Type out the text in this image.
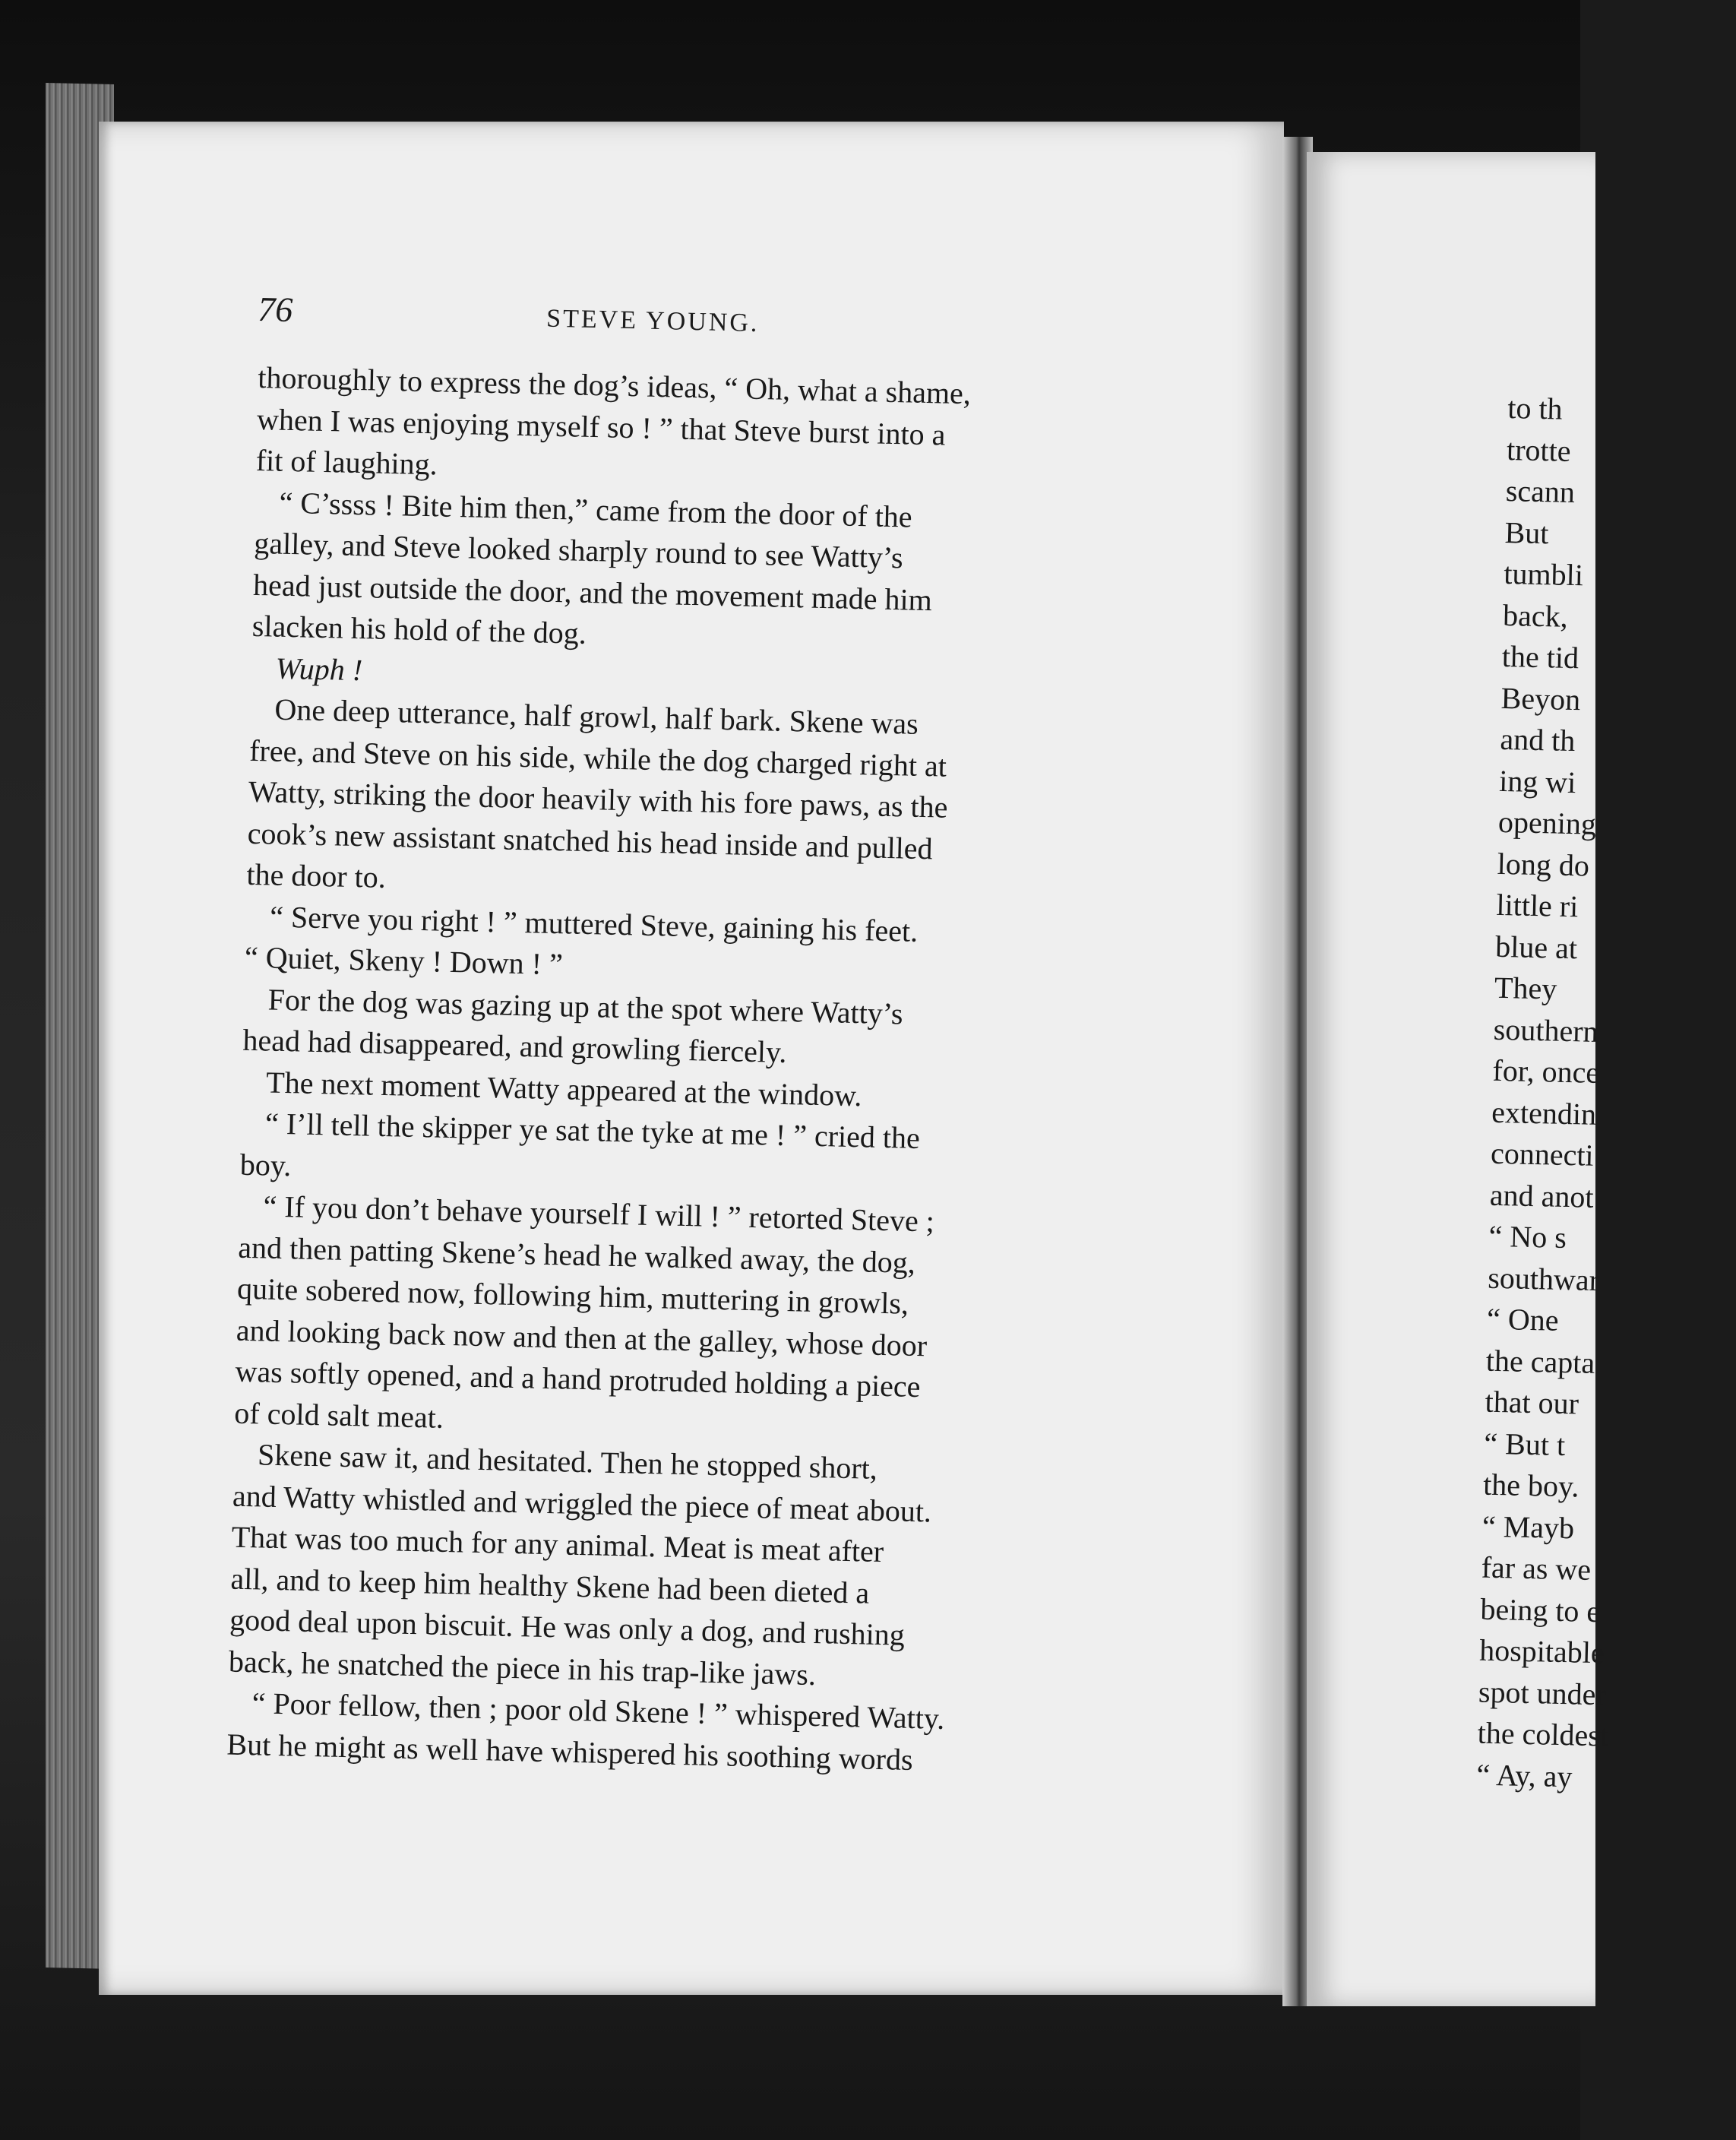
76	STEVE YOUNG.
thoroughly to express the dog’s ideas, “ Oh, what a shame,
when I was enjoying myself so ! ” that Steve burst into a
fit of laughing.
“ C’ssss ! Bite him then,” came from the door of the
galley, and Steve looked sharply round to see Watty’s
head just outside the door, and the movement made him
slacken his hold of the dog.
Wuph !
One deep utterance, half growl, half bark. Skene was
free, and Steve on his side, while the dog charged right at
Watty, striking the door heavily with his fore paws, as the
cook’s new assistant snatched his head inside and pulled
the door to.
“ Serve you right ! ” muttered Steve, gaining his feet.
“ Quiet, Skeny ! Down ! ”
For the dog was gazing up at the spot where Watty’s
head had disappeared, and growling fiercely.
The next moment Watty appeared at the window.
“ I’ll tell the skipper ye sat the tyke at me ! ” cried the
boy.
“ If you don’t behave yourself I will ! ” retorted Steve ;
and then patting Skene’s head he walked away, the dog,
quite sobered now, following him, muttering in growls,
and looking back now and then at the galley, whose door
was softly opened, and a hand protruded holding a piece
of cold salt meat.
Skene saw it, and hesitated. Then he stopped short,
and Watty whistled and wriggled the piece of meat about.
That was too much for any animal. Meat is meat after
all, and to keep him healthy Skene had been dieted a
good deal upon biscuit. He was only a dog, and rushing
back, he snatched the piece in his trap-like jaws.
“ Poor fellow, then ; poor old Skene ! ” whispered Watty.
But he might as well have whispered his soothing words
to th
trotte
scann
But
tumbli
back,
the tid
Beyon
and th
ing wi
opening
long do
little ri
blue at
They
southern
for, once
extendin
connecti
and anot
“ No s
southwar
“ One
the capta
that our
“ But t
the boy.
“ Mayb
far as we
being to e
hospitable
spot under
the coldest
“ Ay, ay
